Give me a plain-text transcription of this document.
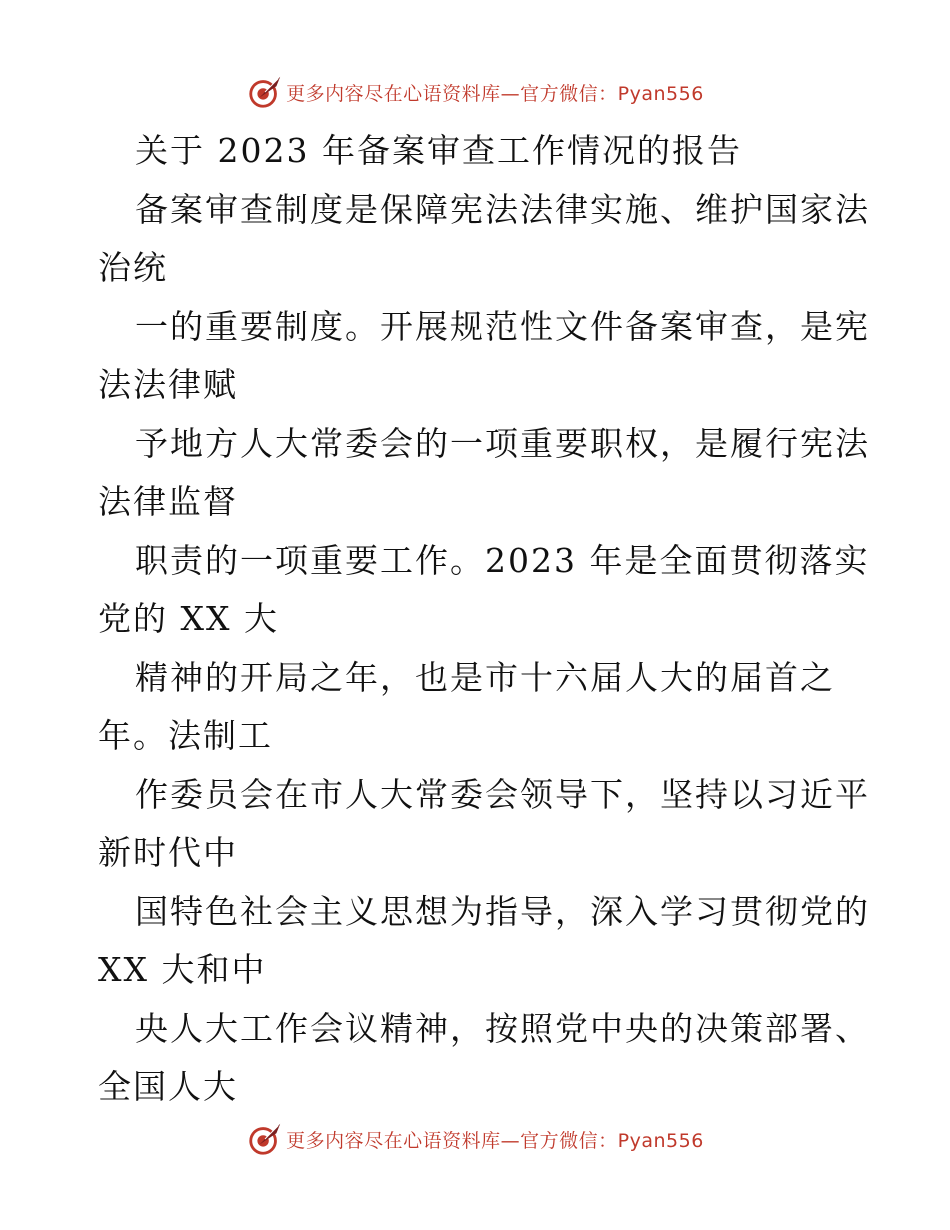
更多内容尽在心语资料库—官方微信：Pyan556
关于 2023 年备案审查工作情况的报告
备案审查制度是保障宪法法律实施、维护国家法
治统
一的重要制度。开展规范性文件备案审查，是宪
法法律赋
予地方人大常委会的一项重要职权，是履行宪法
法律监督
职责的一项重要工作。2023 年是全面贯彻落实
党的 XX 大
精神的开局之年，也是市十六届人大的届首之
年。法制工
作委员会在市人大常委会领导下，坚持以习近平
新时代中
国特色社会主义思想为指导，深入学习贯彻党的
XX 大和中
央人大工作会议精神，按照党中央的决策部署、
全国人大
更多内容尽在心语资料库—官方微信：Pyan556
